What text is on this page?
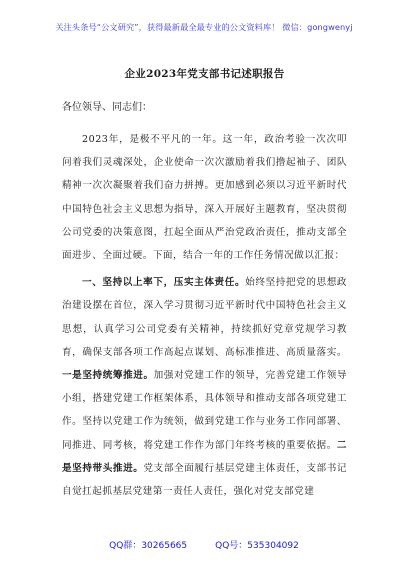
关注头条号“公文研究”，获得最新最全最专业的公文资料库！ 微信：gongwenyj
企业2023年党支部书记述职报告
各位领导、同志们：

2023年，是极不平凡的一年。这一年，政治考验一次次叩问着我们灵魂深处，企业使命一次次激励着我们撸起袖子、团队精神一次次凝聚着我们奋力拼搏。更加感到必须以习近平新时代中国特色社会主义思想为指导，深入开展好主题教育，坚决贯彻公司党委的决策意图，扛起全面从严治党政治责任，推动支部全面进步、全面过硬。下面，结合一年的工作任务情况做以汇报：

一、坚持以上率下，压实主体责任。始终坚持把党的思想政治建设摆在首位，深入学习贯彻习近平新时代中国特色社会主义思想，认真学习公司党委有关精神，持续抓好党章党规学习教育，确保支部各项工作高起点谋划、高标准推进、高质量落实。一是坚持统筹推进。加强对党建工作的领导，完善党建工作领导小组，搭建党建工作框架体系，具体领导和推动支部各项党建工作。坚持以党建工作为统领，做到党建工作与业务工作同部署、同推进、同考核，将党建工作作为部门年终考核的重要依据。二是坚持带头推进。党支部全面履行基层党建主体责任，支部书记自觉扛起抓基层党建第一责任人责任，强化对党支部党建

QQ群：30265665	QQ号：535304092
